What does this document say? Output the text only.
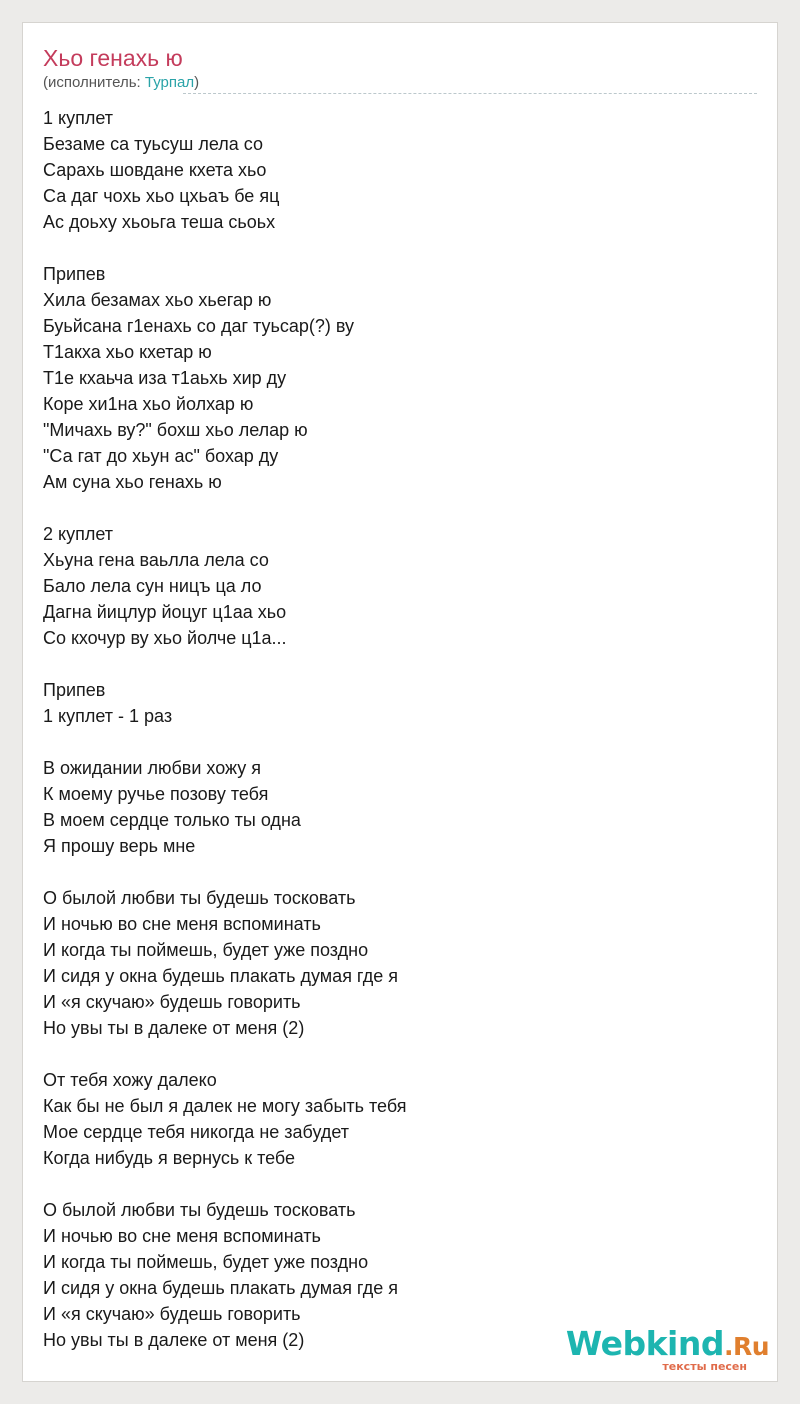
Хьо генахь ю
(исполнитель: Турпал)
1 куплет
Безаме са туьсуш лела со
Сарахь шовдане кхета хьо
Са даг чохь хьо цхьаъ бе яц
Ас доьху хьоьга теша сьоьх
Припев
Хила безамах хьо хьегар ю
Буьйсана г1енахь со даг туьсар(?) ву
Т1акха хьо кхетар ю
Т1е кхаьча иза т1аьхь хир ду
Коре хи1на хьо йолхар ю
"Мичахь ву?" бохш хьо лелар ю
"Са гат до хьун ас" бохар ду
Ам суна хьо генахь ю
2 куплет
Хьуна гена ваьлла лела со
Бало лела сун ницъ ца ло
Дагна йицлур йоцуг ц1аа хьо
Со кхочур ву хьо йолче ц1а...
Припев
1 куплет - 1 раз
В ожидании любви хожу я
К моему ручье позову тебя
В моем сердце только ты одна
Я прошу верь мне
О былой любви ты будешь тосковать
И ночью во сне меня вспоминать
И когда ты поймешь, будет уже поздно
И сидя у окна будешь плакать думая где я
И «я скучаю» будешь говорить
Но увы ты в далеке от меня (2)
От тебя хожу далеко
Как бы не был я далек не могу забыть тебя
Мое сердце тебя никогда не забудет
Когда нибудь я вернусь к тебе
О былой любви ты будешь тосковать
И ночью во сне меня вспоминать
И когда ты поймешь, будет уже поздно
И сидя у окна будешь плакать думая где я
И «я скучаю» будешь говорить
Но увы ты в далеке от меня (2)	Webkind.Ru
тексты песен
